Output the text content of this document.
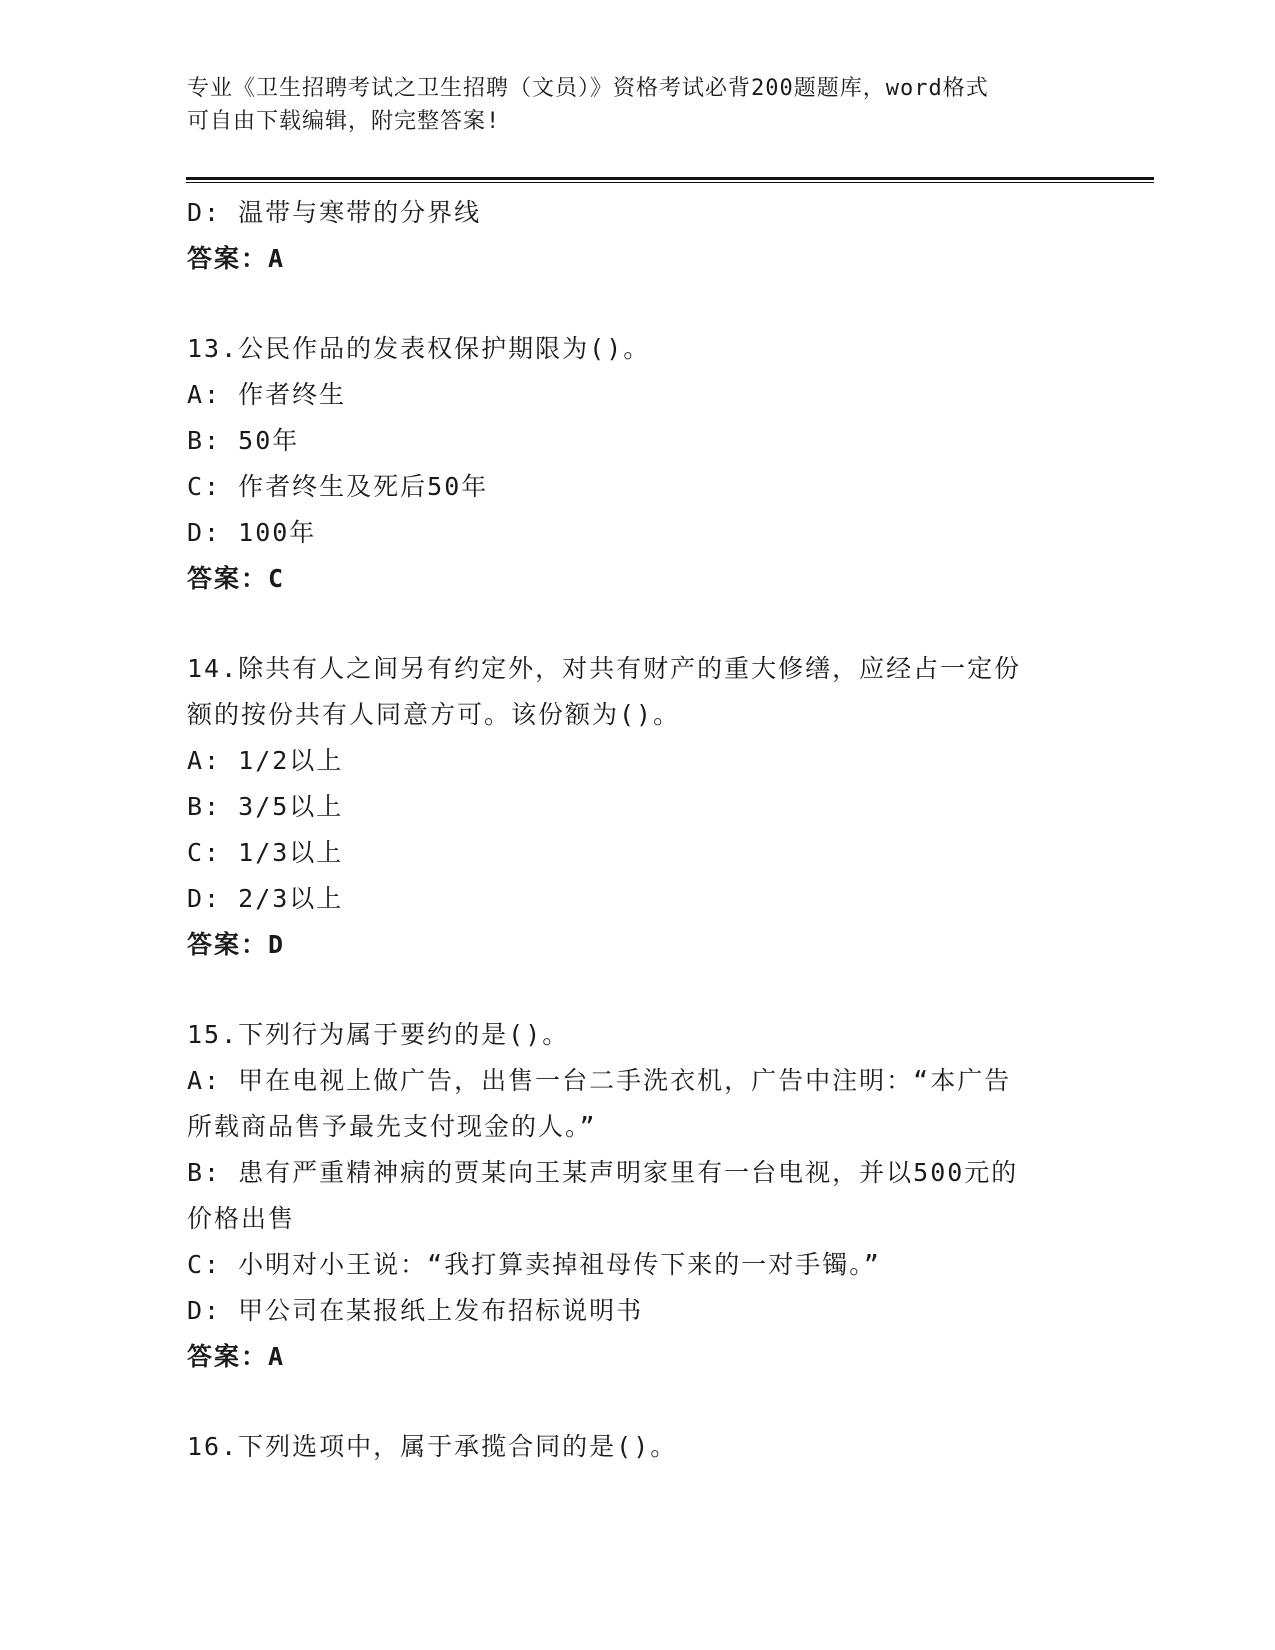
专业《卫生招聘考试之卫生招聘（文员）》资格考试必背200题题库，word格式
可自由下载编辑，附完整答案!
D: 温带与寒带的分界线
答案：A
13.公民作品的发表权保护期限为()。
A: 作者终生
B: 50年
C: 作者终生及死后50年
D: 100年
答案：C
14.除共有人之间另有约定外，对共有财产的重大修缮，应经占一定份
额的按份共有人同意方可。该份额为()。
A: 1/2以上
B: 3/5以上
C: 1/3以上
D: 2/3以上
答案：D
15.下列行为属于要约的是()。
A: 甲在电视上做广告，出售一台二手洗衣机，广告中注明：“本广告
所载商品售予最先支付现金的人。”
B: 患有严重精神病的贾某向王某声明家里有一台电视，并以500元的
价格出售
C: 小明对小王说：“我打算卖掉祖母传下来的一对手镯。”
D: 甲公司在某报纸上发布招标说明书
答案：A
16.下列选项中，属于承揽合同的是()。
